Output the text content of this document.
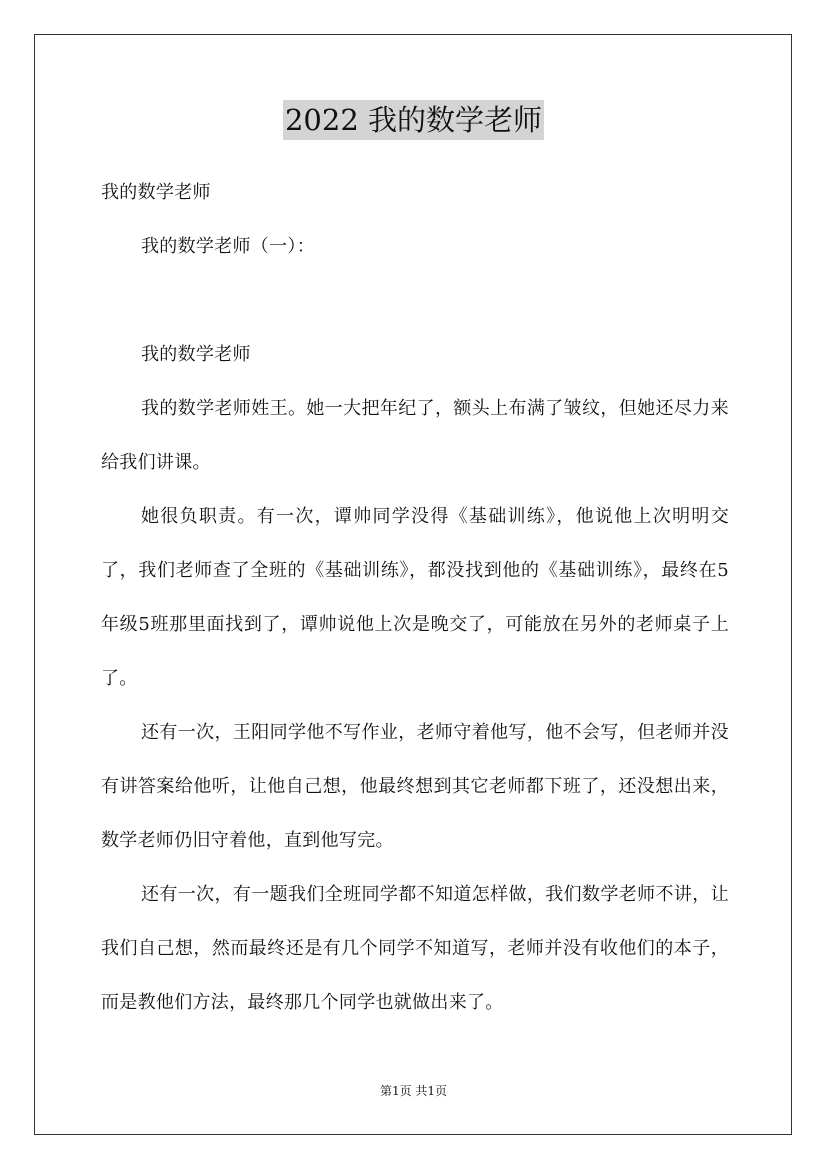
2022 我的数学老师

我的数学老师

我的数学老师（一）：

我的数学老师

我的数学老师姓王。她一大把年纪了，额头上布满了皱纹，但她还尽力来给我们讲课。

她很负职责。有一次，谭帅同学没得《基础训练》，他说他上次明明交了，我们老师查了全班的《基础训练》，都没找到他的《基础训练》，最终在5年级5班那里面找到了，谭帅说他上次是晚交了，可能放在另外的老师桌子上了。

还有一次，王阳同学他不写作业，老师守着他写，他不会写，但老师并没有讲答案给他听，让他自己想，他最终想到其它老师都下班了，还没想出来，数学老师仍旧守着他，直到他写完。

还有一次，有一题我们全班同学都不知道怎样做，我们数学老师不讲，让我们自己想，然而最终还是有几个同学不知道写，老师并没有收他们的本子，而是教他们方法，最终那几个同学也就做出来了。

第1页 共1页
